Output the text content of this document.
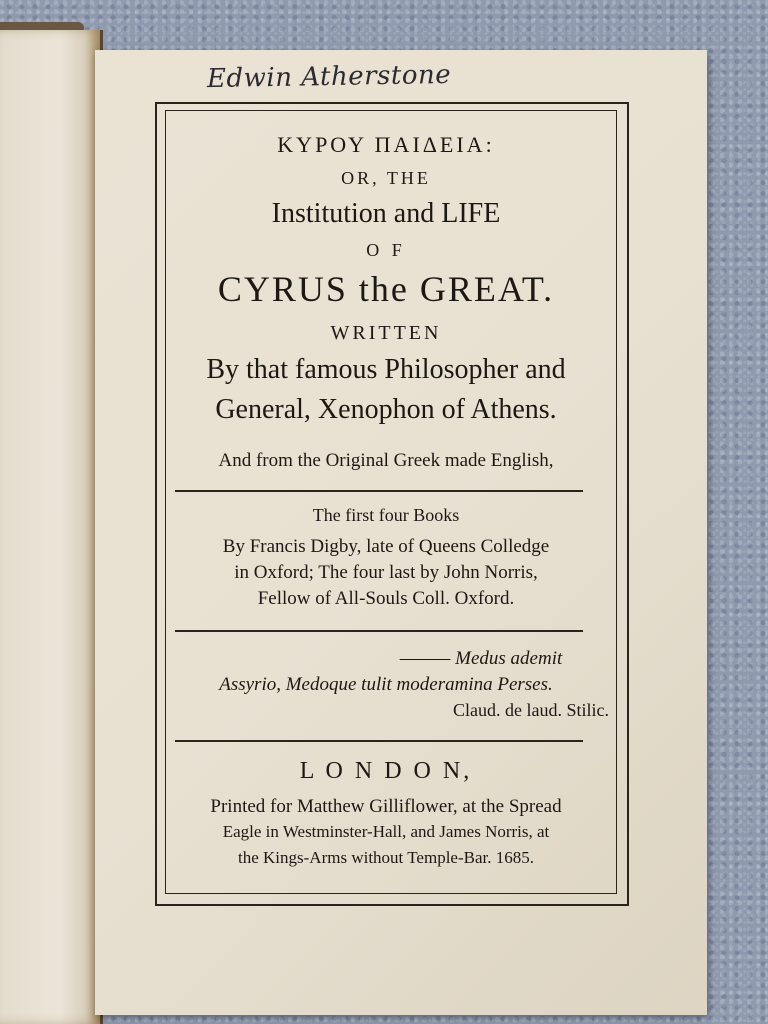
Edwin Atherstone
ΚΥΡΟΥ ΠΑΙΔΕΙΑ:
OR, THE
Institution and LIFE
O F
CYRUS the GREAT.
WRITTEN
By that famous Philosopher and
General, Xenophon of Athens.
And from the Original Greek made English,
The first four Books
By Francis Digby, late of Queens Colledge
in Oxford; The four last by John Norris,
Fellow of All-Souls Coll. Oxford.
——— Medus ademit
Assyrio, Medoque tulit moderamina Perses.
Claud. de laud. Stilic.
L O N D O N,
Printed for Matthew Gilliflower, at the Spread
Eagle in Westminster-Hall, and James Norris, at
the Kings-Arms without Temple-Bar. 1685.
